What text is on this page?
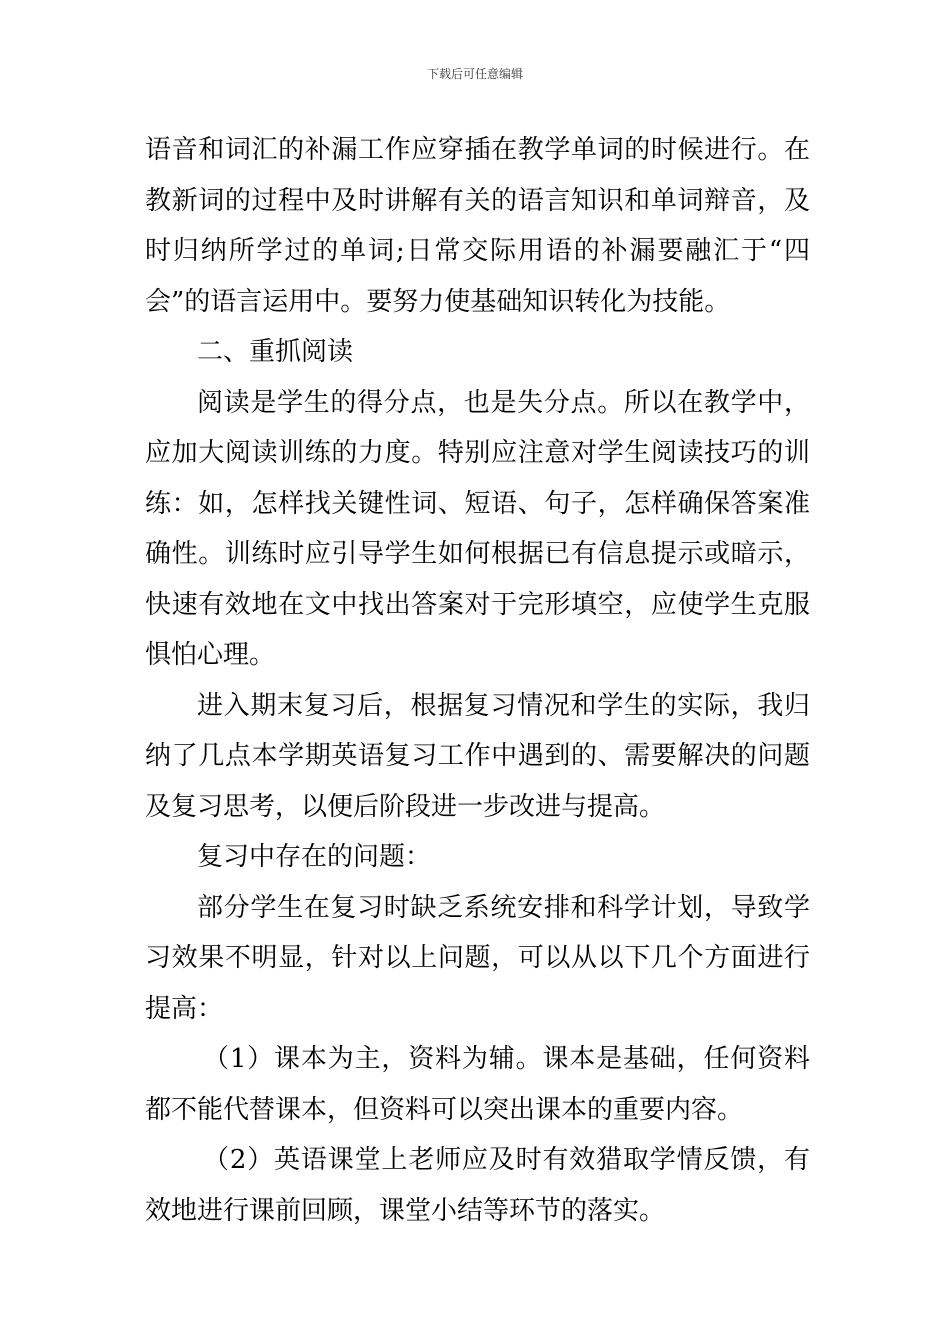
下载后可任意编辑

语音和词汇的补漏工作应穿插在教学单词的时候进行。在教新词的过程中及时讲解有关的语言知识和单词辩音，及时归纳所学过的单词;日常交际用语的补漏要融汇于“四会”的语言运用中。要努力使基础知识转化为技能。

二、重抓阅读

阅读是学生的得分点，也是失分点。所以在教学中，应加大阅读训练的力度。特别应注意对学生阅读技巧的训练：如，怎样找关键性词、短语、句子，怎样确保答案准确性。训练时应引导学生如何根据已有信息提示或暗示，快速有效地在文中找出答案对于完形填空，应使学生克服惧怕心理。

进入期末复习后，根据复习情况和学生的实际，我归纳了几点本学期英语复习工作中遇到的、需要解决的问题及复习思考，以便后阶段进一步改进与提高。

复习中存在的问题：

部分学生在复习时缺乏系统安排和科学计划，导致学习效果不明显，针对以上问题，可以从以下几个方面进行提高：

（1）课本为主，资料为辅。课本是基础，任何资料都不能代替课本，但资料可以突出课本的重要内容。

（2）英语课堂上老师应及时有效猎取学情反馈，有效地进行课前回顾，课堂小结等环节的落实。
